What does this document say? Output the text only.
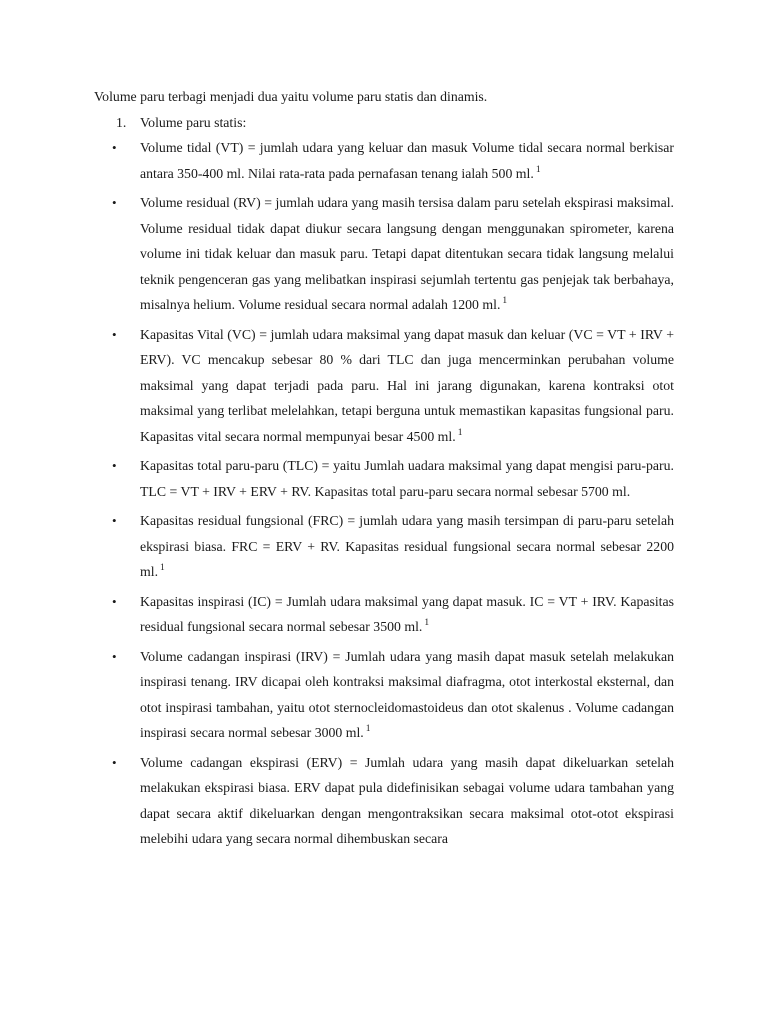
Volume paru terbagi menjadi dua yaitu volume paru statis dan dinamis.

1. Volume paru statis:

• Volume tidal (VT) = jumlah udara yang keluar dan masuk Volume tidal secara normal berkisar antara 350-400 ml. Nilai rata-rata pada pernafasan tenang ialah 500 ml. $^1$
• Volume residual (RV) = jumlah udara yang masih tersisa dalam paru setelah ekspirasi maksimal. Volume residual tidak dapat diukur secara langsung dengan menggunakan spirometer, karena volume ini tidak keluar dan masuk paru. Tetapi dapat ditentukan secara tidak langsung melalui teknik pengenceran gas yang melibatkan inspirasi sejumlah tertentu gas penjejak tak berbahaya, misalnya helium. Volume residual secara normal adalah 1200 ml. $^1$
• Kapasitas Vital (VC) = jumlah udara maksimal yang dapat masuk dan keluar (VC = VT + IRV + ERV). VC mencakup sebesar 80 % dari TLC dan juga mencerminkan perubahan volume maksimal yang dapat terjadi pada paru. Hal ini jarang digunakan, karena kontraksi otot maksimal yang terlibat melelahkan, tetapi berguna untuk memastikan kapasitas fungsional paru. Kapasitas vital secara normal mempunyai besar 4500 ml. $^1$
• Kapasitas total paru-paru (TLC) = yaitu Jumlah uadara maksimal yang dapat mengisi paru-paru. TLC = VT + IRV + ERV + RV. Kapasitas total paru-paru secara normal sebesar 5700 ml.
• Kapasitas residual fungsional (FRC) = jumlah udara yang masih tersimpan di paru-paru setelah ekspirasi biasa. FRC = ERV + RV. Kapasitas residual fungsional secara normal sebesar 2200 ml. $^1$
• Kapasitas inspirasi (IC) = Jumlah udara maksimal yang dapat masuk. IC = VT + IRV. Kapasitas residual fungsional secara normal sebesar 3500 ml. $^1$
• Volume cadangan inspirasi (IRV) = Jumlah udara yang masih dapat masuk setelah melakukan inspirasi tenang. IRV dicapai oleh kontraksi maksimal diafragma, otot interkostal eksternal, dan otot inspirasi tambahan, yaitu otot sternocleidomastoideus dan otot skalenus . Volume cadangan inspirasi secara normal sebesar 3000 ml. $^1$
• Volume cadangan ekspirasi (ERV) = Jumlah udara yang masih dapat dikeluarkan setelah melakukan ekspirasi biasa. ERV dapat pula didefinisikan sebagai volume udara tambahan yang dapat secara aktif dikeluarkan dengan mengontraksikan secara maksimal otot-otot ekspirasi melebihi udara yang secara normal dihembuskan secara
